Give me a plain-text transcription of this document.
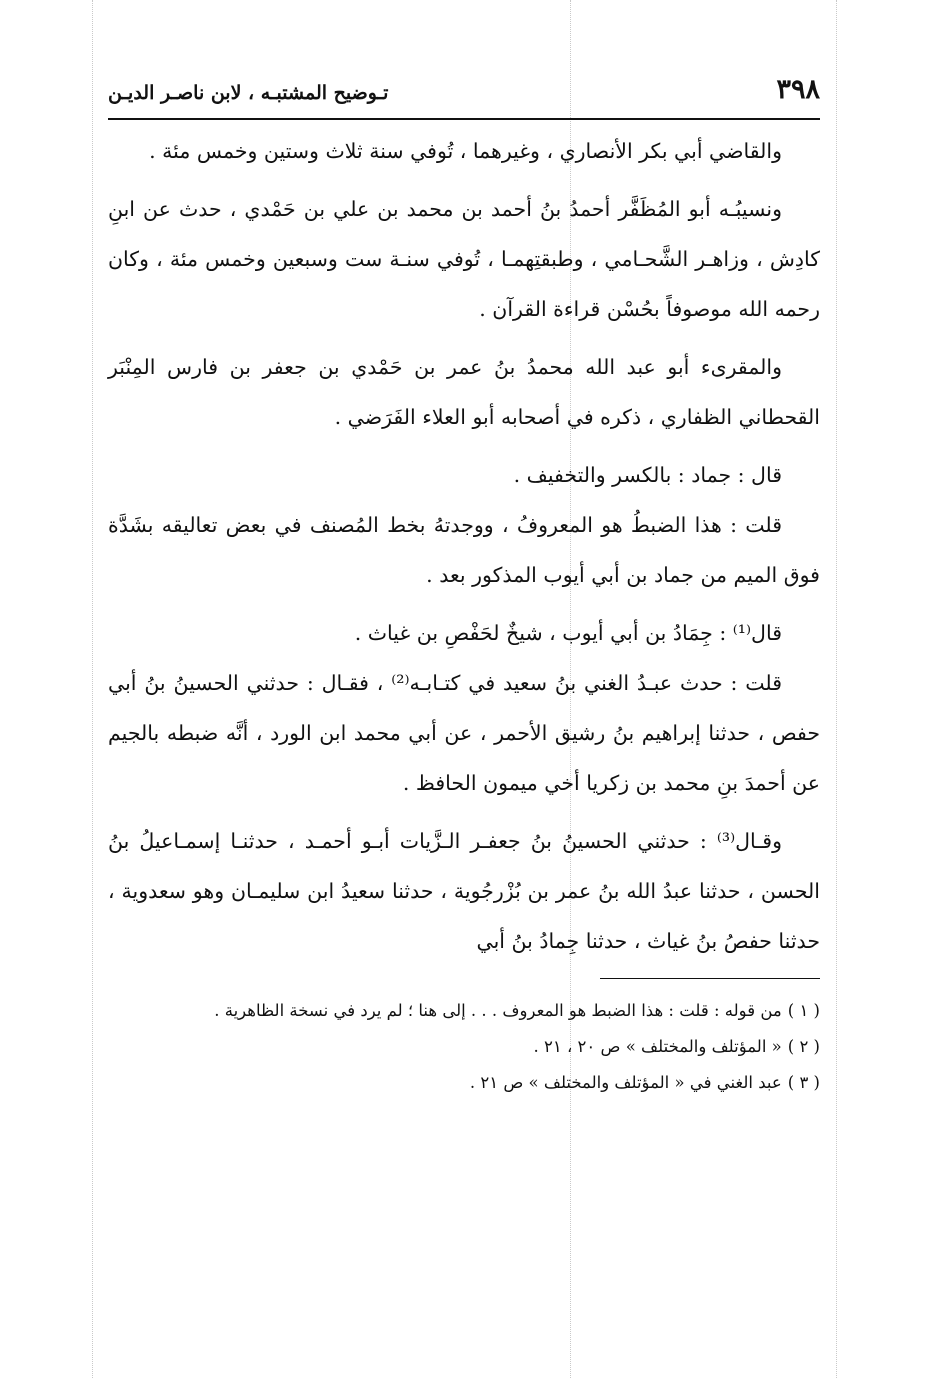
٣٩٨
تـوضيح المشتبـه ، لابن ناصـر الديـن

والقاضي أبي بكر الأنصاري ، وغيرهما ، تُوفي سنة ثلاث وستين وخمس مئة .

ونسيبُـه أبو المُظَفَّر أحمدُ بنُ أحمد بن محمد بن علي بن حَمْدي ، حدث عن ابنِ كادِش ، وزاهـر الشَّحـامي ، وطبقتِهمـا ، تُوفي سنـة ست وسبعين وخمس مئة ، وكان رحمه الله موصوفاً بحُسْن قراءة القرآن .

والمقرىء أبو عبد الله محمدُ بنُ عمر بن حَمْدي بن جعفر بن فارس المِنْبَر القحطاني الظفاري ، ذكره في أصحابه أبو العلاء الفَرَضي .

قال : جماد : بالكسر والتخفيف .

قلت : هذا الضبطُ هو المعروفُ ، ووجدتهُ بخط المُصنف في بعض تعاليقه بشَدَّة فوق الميم من جماد بن أبي أيوب المذكور بعد .

قال⁽¹⁾ : جِمَادُ بن أبي أيوب ، شيخٌ لحَفْصِ بن غياث .

قلت : حدث عبـدُ الغني بنُ سعيد في كتـابـه⁽²⁾ ، فقـال : حدثني الحسينُ بنُ أبي حفص ، حدثنا إبراهيم بنُ رشيق الأحمر ، عن أبي محمد ابن الورد ، أنَّه ضبطه بالجيم عن أحمدَ بنِ محمد بن زكريا أخي ميمون الحافظ .

وقـال⁽³⁾ : حدثني الحسينُ بنُ جعفـر الـزَّيات أبـو أحمـد ، حدثنـا إسمـاعيلُ بنُ الحسن ، حدثنا عبدُ الله بنُ عمر بن بُزْرجُوية ، حدثنا سعيدُ ابن سليمـان وهو سعدوية ، حدثنا حفصُ بنُ غياث ، حدثنا جِمادُ بنُ أبي

( ١ )من قوله : قلت : هذا الضبط هو المعروف . . . إلى هنا ؛ لم يرد في نسخة الظاهرية .

( ٢ )« المؤتلف والمختلف » ص ٢٠ ، ٢١ .

( ٣ )عبد الغني في « المؤتلف والمختلف » ص ٢١ .
